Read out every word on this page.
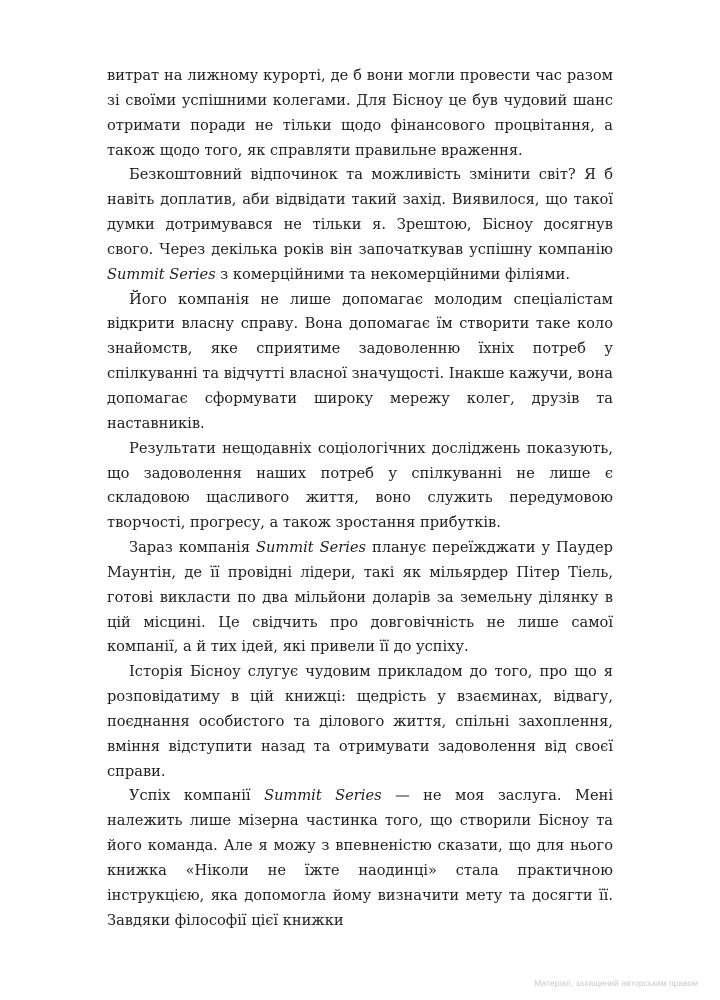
витрат на лижному курорті, де б вони могли провести час разом зі своїми успішними колегами. Для Бісноу це був чудовий шанс отримати поради не тільки щодо фінансового процвітання, а також щодо того, як справляти правильне враження.

Безкоштовний відпочинок та можливість змінити світ? Я б навіть доплатив, аби відвідати такий захід. Виявилося, що такої думки дотримувався не тільки я. Зрештою, Бісноу досягнув свого. Через декілька років він започаткував успішну компанію Summit Series з комерційними та некомерційними філіями.

Його компанія не лише допомагає молодим спеціалістам відкрити власну справу. Вона допомагає їм створити таке коло знайомств, яке сприятиме задоволенню їхніх потреб у спілкуванні та відчутті власної значущості. Інакше кажучи, вона допомагає сформувати широку мережу колег, друзів та наставників.

Результати нещодавніх соціологічних досліджень показують, що задоволення наших потреб у спілкуванні не лише є складовою щасливого життя, воно служить передумовою творчості, прогресу, а також зростання прибутків.

Зараз компанія Summit Series планує переїжджати у Паудер Маунтін, де її провідні лідери, такі як мільярдер Пітер Тіель, готові викласти по два мільйони доларів за земельну ділянку в цій місцині. Це свідчить про довговічність не лише самої компанії, а й тих ідей, які привели її до успіху.

Історія Бісноу слугує чудовим прикладом до того, про що я розповідатиму в цій книжці: щедрість у взаєминах, відвагу, поєднання особистого та ділового життя, спільні захоплення, вміння відступити назад та отримувати задоволення від своєї справи.

Успіх компанії Summit Series — не моя заслуга. Мені належить лише мізерна частинка того, що створили Бісноу та його команда. Але я можу з впевненістю сказати, що для нього книжка «Ніколи не їжте наодинці» стала практичною інструкцією, яка допомогла йому визначити мету та досягти її. Завдяки філософії цієї книжки

Матеріал, захищений авторським правом
